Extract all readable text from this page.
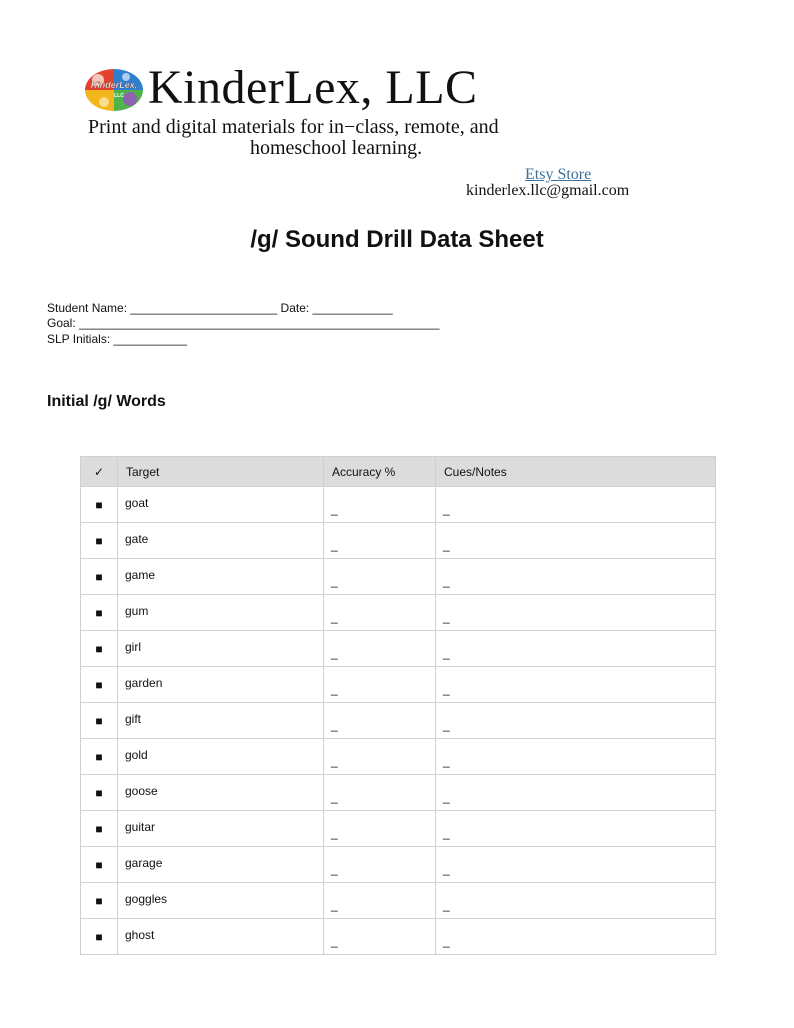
KinderLex,
LLC KinderLex, LLC
Print and digital materials for in−class, remote, and
homeschool learning.
Etsy Store
kinderlex.llc@gmail.com
/g/ Sound Drill Data Sheet
Student Name: ______________________ Date: ____________
Goal: ______________________________________________________
SLP Initials: ___________
Initial /g/ Words
✓	Target	Accuracy %	Cues/Notes
■	goat	_	_
■	gate	_	_
■	game	_	_
■	gum	_	_
■	girl	_	_
■	garden	_	_
■	gift	_	_
■	gold	_	_
■	goose	_	_
■	guitar	_	_
■	garage	_	_
■	goggles	_	_
■	ghost	_	_
